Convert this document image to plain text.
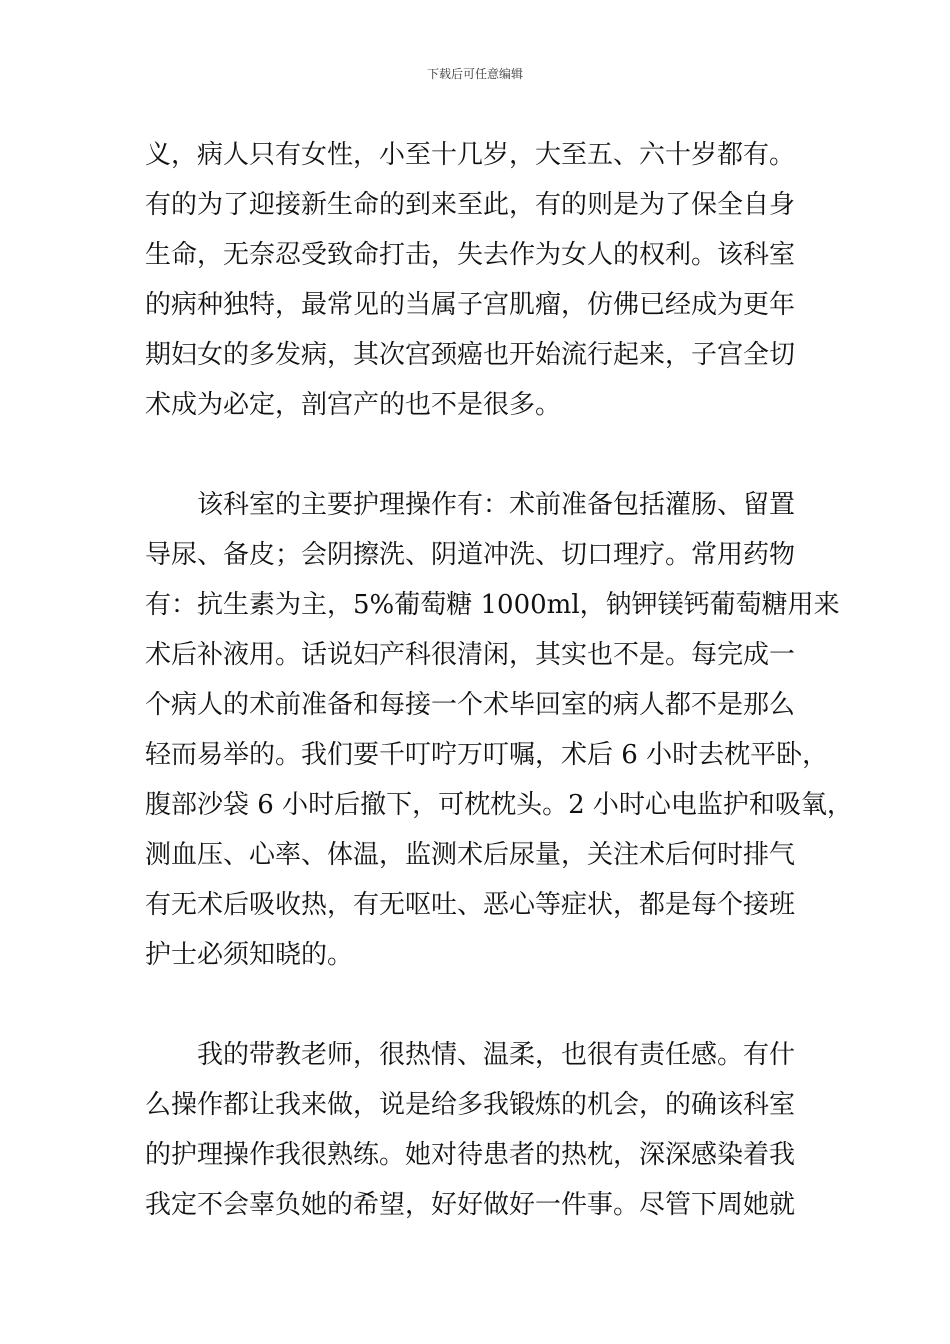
下载后可任意编辑
义，病人只有女性，小至十几岁，大至五、六十岁都有。
有的为了迎接新生命的到来至此，有的则是为了保全自身
生命，无奈忍受致命打击，失去作为女人的权利。该科室
的病种独特，最常见的当属子宫肌瘤，仿佛已经成为更年
期妇女的多发病，其次宫颈癌也开始流行起来，子宫全切
术成为必定，剖宫产的也不是很多。
该科室的主要护理操作有：术前准备包括灌肠、留置
导尿、备皮；会阴擦洗、阴道冲洗、切口理疗。常用药物
有：抗生素为主，5%葡萄糖 1000ml，钠钾镁钙葡萄糖用来
术后补液用。话说妇产科很清闲，其实也不是。每完成一
个病人的术前准备和每接一个术毕回室的病人都不是那么
轻而易举的。我们要千叮咛万叮嘱，术后 6 小时去枕平卧，
腹部沙袋 6 小时后撤下，可枕枕头。2 小时心电监护和吸氧，
测血压、心率、体温，监测术后尿量，关注术后何时排气
有无术后吸收热，有无呕吐、恶心等症状，都是每个接班
护士必须知晓的。
我的带教老师，很热情、温柔，也很有责任感。有什
么操作都让我来做，说是给多我锻炼的机会，的确该科室
的护理操作我很熟练。她对待患者的热枕，深深感染着我
我定不会辜负她的希望，好好做好一件事。尽管下周她就
